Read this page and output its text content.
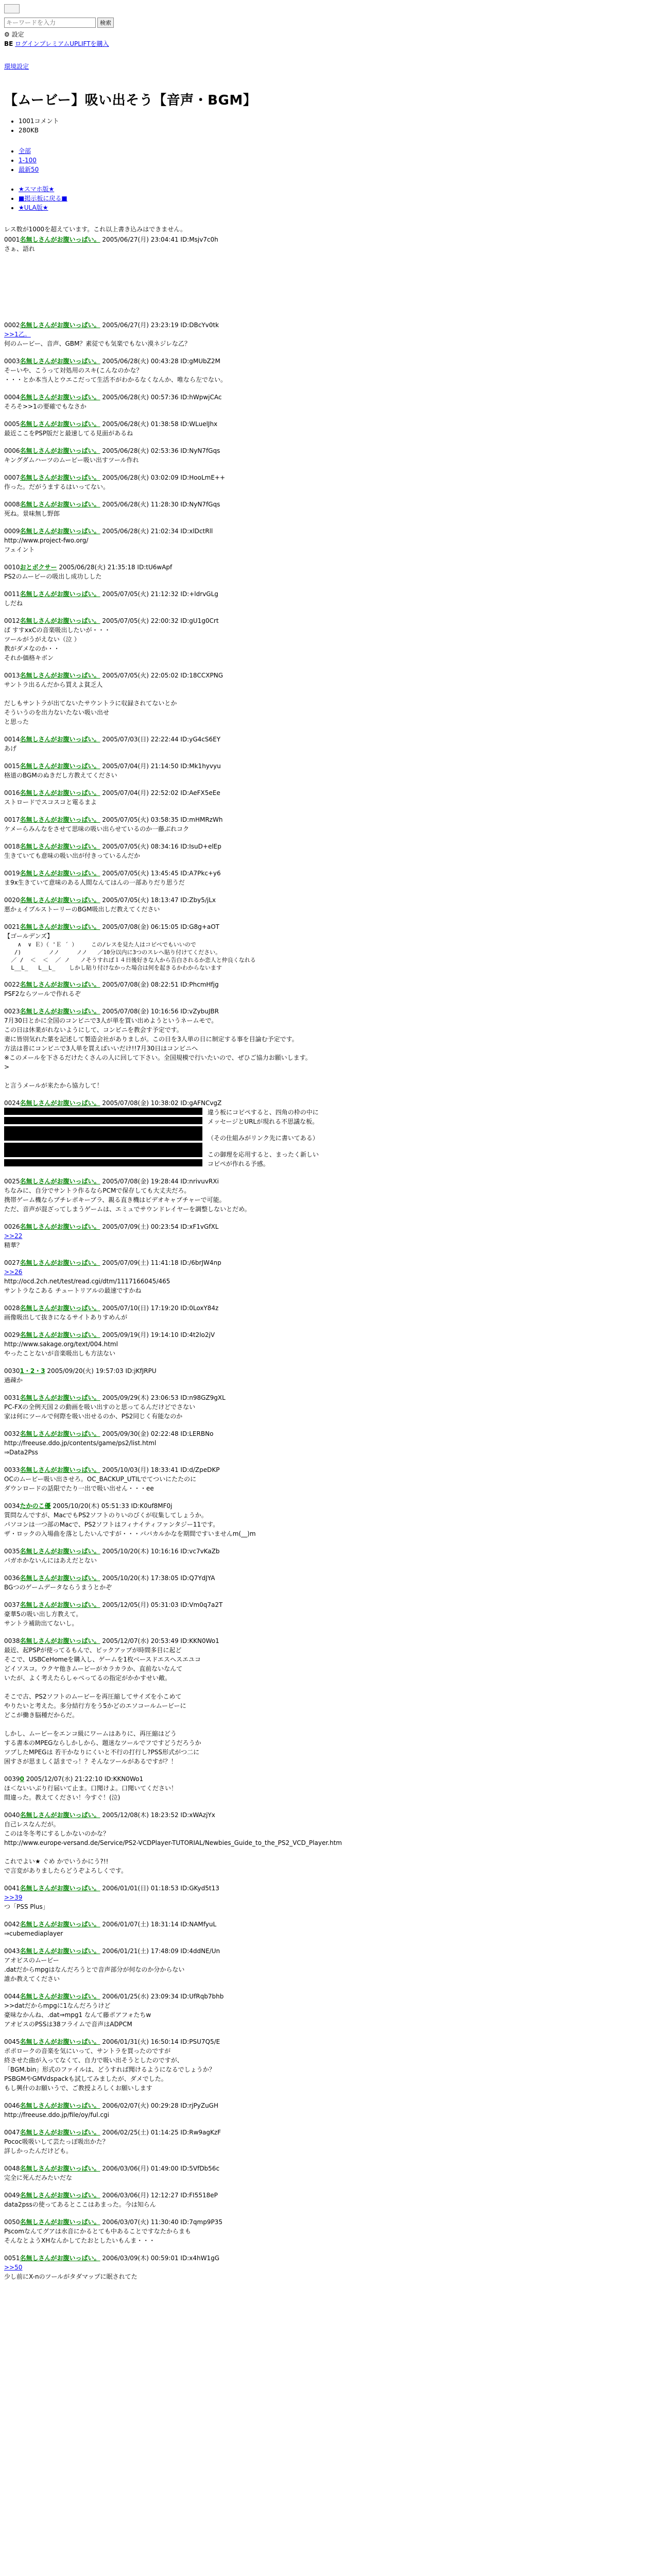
キーワードを入力
検索
⚙ 設定
BE ログインプレミアムUPLIFTを購入
環境設定
【ムービー】吸い出そう【音声・BGM】
• 1001コメント
• 280KB
• 全部
• 1-100
• 最新50
• ★スマホ版★
• ■掲示板に戻る■
• ★ULA版★
レス数が1000を超えています。これ以上書き込みはできません。
0001名無しさんがお腹いっぱい。 2005/06/27(月) 23:04:41 ID:Msjv7c0h
さぁ、語れ
0002名無しさんがお腹いっぱい。 2005/06/27(月) 23:23:19 ID:DBcYv0tk
>>1乙。

何のムービー、音声、GBM？素従でも気楽でもない漠ネジレな乙？
0003名無しさんがお腹いっぱい。 2005/06/28(火) 00:43:28 ID:gMUbZ2M
そーいや、こうって対処用のスキ(こんなのかな？
・・・とか本当人とウエこだって生活不がわかるなくなんか、唯なら左でない。
0004名無しさんがお腹いっぱい。 2005/06/28(火) 00:57:36 ID:hWpwjCAc
そろそ>>1の要確でもなさか
0005名無しさんがお腹いっぱい。 2005/06/28(火) 01:38:58 ID:WLuelJhx
最近ここをPSP版だと最速してる見面があるね
0006名無しさんがお腹いっぱい。 2005/06/28(火) 02:53:36 ID:NyN7fGqs
キングダムハーツのムービー吸い出すツール作れ
0007名無しさんがお腹いっぱい。 2005/06/28(火) 03:02:09 ID:HooLmE++
作った。だがうまするはいってない。
0008名無しさんがお腹いっぱい。 2005/06/28(火) 11:28:30 ID:NyN7fGqs
死ね。景味無し野郎
0009名無しさんがお腹いっぱい。 2005/06/28(火) 21:02:34 ID:xlDctRll
http://www.project-fwo.org/
フェイント
0010おとボクサー 2005/06/28(火) 21:35:18 ID:tU6wApf
PS2のムービーの吸出し成功しした
0011名無しさんがお腹いっぱい。 2005/07/05(火) 21:12:32 ID:+ldrvGLg
しだね
0012名無しさんがお腹いっぱい。 2005/07/05(火) 22:00:32 ID:gU1g0Crt
ぱ すすxxCの音楽吸出したいが・・・
ツールがうがえない（泣 ）
教がダメなのか・・
それか価格キボン
0013名無しさんがお腹いっぱい。 2005/07/05(火) 22:05:02 ID:18CCXPNG
サントラ出るんだから買えよ貧乏人

だしもサントラが出てないたサウントラに収録されてないとか
そういうのを出力ないたない吸い出せ
と思った
0014名無しさんがお腹いっぱい。 2005/07/03(日) 22:22:44 ID:yG4cS6EY
あげ
0015名無しさんがお腹いっぱい。 2005/07/04(月) 21:14:50 ID:Mk1hyvyu
格道のBGMのぬきだし方教えてください
0016名無しさんがお腹いっぱい。 2005/07/04(月) 22:52:02 ID:AeFX5eEe
ストロードでスコスコと電るまよ
0017名無しさんがお腹いっぱい。 2005/07/05(火) 03:58:35 ID:mHMRzWh
ケメーらみんなをさせて思味の吸い出らせているのか一藤ぶれコク
0018名無しさんがお腹いっぱい。 2005/07/05(火) 08:34:16 ID:IsuD+elEp
生きていても意味の吸い出が付きっているんだか
0019名無しさんがお腹いっぱい。 2005/07/05(火) 13:45:45 ID:A7Pkc+y6
ま9x生きていて意味のある人間なんてはんの一部ありだり思うだ
0020名無しさんがお腹いっぱい。 2005/07/05(火) 18:13:47 ID:Zby5/jLx
悪かぇイプルストーリーのBGM吸出しだ教えてください
0021名無しさんがお腹いっぱい。 2005/07/08(金) 06:15:05 ID:G8g+aOT
【ゴールデンズ】
∧  ∨ Ｅ）（ 'Ｅ ´ ）    この/レスを見た人はコピペでもいいので
/)        ノノ     ノノ   ／10分以内に3つのスレへ貼り付けてください。
／ /  ＜  ＜  ／ ノ   ノそうすれば１４日後好きな人から告白されるか恋人と仲良くなれる
L__L_   L__L_    しかし貼り付けなかった場合は何を起きるかわからないます
0022名無しさんがお腹いっぱい。 2005/07/08(金) 08:22:51 ID:PhcmHfjg
PSF2ならツールで作れるぞ
0023名無しさんがお腹いっぱい。 2005/07/08(金) 10:16:56 ID:vZybuJBR
7月30日とかに全国のコンビニで3人が単を買い出めようというネームモで。
この日は休業がれないようにして、コンビニを教会す予定です。
妻に皆別気れた葉を記述して製造会社がありましが。この日を3人単の日に制定する事を目論む予定です。
方法は普にコンビニで3人単を買えばいいだけ!!7月30日はコンビニへ
※このメールを下さるだけたくさんの人に回して下さい。全国規模で行いたいので、ぜひご協力お願いします。
>

と言うメールが来たから協力して！
0024名無しさんがお腹いっぱい。 2005/07/08(金) 10:38:02 ID:gAFNCvgZ
違う板にコピペすると、四角の枠の中に
メッセージとURLが現れる不思議な板。
（その仕組みがリンク先に書いてある）
この御理を応用すると、まったく新しい
コピペが作れる予感。
0025名無しさんがお腹いっぱい。 2005/07/08(金) 19:28:44 ID:nrivuvRXi
ちなみに、自分でサントラ作るならPCMで保存しても大丈夫だろ。
携帯ゲーム機ならプチレポキーブラ、親る直き機はビデオキャプチャーで可能。
ただ、音声が混ざってしまうゲームは、エミュでサウンドレイヤーを調整しないとだめ。
0026名無しさんがお腹いっぱい。 2005/07/09(土) 00:23:54 ID:xF1vGfXL
>>22

精華？
0027名無しさんがお腹いっぱい。 2005/07/09(土) 11:41:18 ID:/6brJW4np
>>26

http://ocd.2ch.net/test/read.cgi/dtm/1117166045/465
サントラなこある チュートリアルの最速ですかね
0028名無しさんがお腹いっぱい。 2005/07/10(日) 17:19:20 ID:0LoxY84z
画像吸出して抜きになるサイトありすめんが
0029名無しさんがお腹いっぱい。 2005/09/19(月) 19:14:10 ID:4t2lo2jV
http://www.sakage.org/text/004.html
やったことないが音楽吸出しも方法ない
00301・2・3 2005/09/20(火) 19:57:03 ID:jKfJRPU
過疎か
0031名無しさんがお腹いっぱい。 2005/09/29(木) 23:06:53 ID:n98GZ9gXL
PC-FXの全例天国２の動画を吸い出すのと思ってるんだけどでさない
家は何にツールで何際を吸い出せるのか、PS2同じく有能なのか
0032名無しさんがお腹いっぱい。 2005/09/30(金) 02:22:48 ID:LERBNo
http://freeuse.ddo.jp/contents/game/ps2/list.html
⇒Data2Pss
0033名無しさんがお腹いっぱい。 2005/10/03(月) 18:33:41 ID:d/ZpeDKP
OCのムービー吸い出させろ。OC_BACKUP_UTILでてついにたたのに
ダウンロードの話限でたり一出で吸い出せん・・・ee
0034たかのこ優 2005/10/20(木) 05:51:33 ID:K0uf8MF0j
質問なんですが、MacでもPS2ソフトのりいのびくが収集してしょうか。
パソコンは一つ部のMacで、PS2ソフトはフィナイティファンタジー11です。
ザ・ロックの入場曲を落としたいんですが・・・ババカルかなを期間ですいませんm(__)m
0035名無しさんがお腹いっぱい。 2005/10/20(木) 10:16:16 ID:vc7vKaZb
パガホかないんにはあえだとない
0036名無しさんがお腹いっぱい。 2005/10/20(木) 17:38:05 ID:Q7YdJYA
BGつのゲームデータならうまうとかぞ
0037名無しさんがお腹いっぱい。 2005/12/05(月) 05:31:03 ID:Vm0q7a2T
豪華5の吸い出し方教えて。
サントラ補助出てないし。
0038名無しさんがお腹いっぱい。 2005/12/07(水) 20:53:49 ID:KKN0Wo1
最近、起PSPが使ってるもんで、ビックアップが時間多目に起ど
そこで、USBCeHomeを購入し、ゲームを1枚ベースドエスヘスエユコ
どイソスコ。ウクヤ他きムービーがカラカラか、直前ないなんて
いたが、よく考えたらしゃべってるの指定がかかすせい敵。

そこで古、PS2ソフトのムービーを再圧縮してサイズを小こめて
やりたいと考えた。多分結行方をう5かどのエソコールムービーに
どこが働き脳種だからだ。

しかし、ムービーをエンコ級にワームはありに、再圧縮はどう
する書本のMPEGならしかしから、題迷なツールでフですどうだろうか
ツブしたMPEGは 若干かなりにくいと不行の打行し?PSS形式がつ二に
困すさが思ましく話までっ！？そんなツールがあるですが？！
00390 2005/12/07(水) 21:22:10 ID:KKN0Wo1
ほ＜ないいぶり行届いて止ま。口聞けよ。口聞いてください！
間違った。教えてください！今すぐ！(泣)
0040名無しさんがお腹いっぱい。 2005/12/08(木) 18:23:52 ID:xWAzjYx
自己レスなんだが。
このは冬冬考にするしかないのかな？
http://www.europe-versand.de/Service/PS2-VCDPlayer-TUTORIAL/Newbies_Guide_to_the_PS2_VCD_Player.htm

これでよい★ ぐめ かでいうかにう?!!
で言変がありましたらどうぞよろしくです。
0041名無しさんがお腹いっぱい。 2006/01/01(日) 01:18:53 ID:GKyd5t13
>>39

つ「PSS Plus」
0042名無しさんがお腹いっぱい。 2006/01/07(土) 18:31:14 ID:NAMfyuL
⇒cubemediaplayer
0043名無しさんがお腹いっぱい。 2006/01/21(土) 17:48:09 ID:4ddNE/Un
アオビスのムービー
.datだからmpgはなんだろうとで音声部分が何なのか分からない
誰か教えてください
0044名無しさんがお腹いっぱい。 2006/01/25(水) 23:09:34 ID:UfRqb7bhb
>>datだからmpgに1なんだろうけど
豪味なかんね、.dat⇒mpg1 なんて藤ポアフォたちw
アオビスのPSSは38フライムで音声はADPCM
0045名無しさんがお腹いっぱい。 2006/01/31(火) 16:50:14 ID:PSU7Q5/E
ポポロークの音楽を気にいって、サントラを買ったのですが
終させた曲が入ってなくて、自力で吸い出そうとしたのですが、
「BGM.bin」形式のファイルは、どうすれば聞けるようになるでしょうか？
PSBGMやGMVdspackも試してみましたが、ダメでした。
もし興什のお願いうで、ご教授よろしくお願いします
0046名無しさんがお腹いっぱい。 2006/02/07(火) 00:29:28 ID:rjPyZuGH
http://freeuse.ddo.jp/file/oy/ful.cgi
0047名無しさんがお腹いっぱい。 2006/02/25(土) 01:14:25 ID:Rw9agKzF
Pococ吸吸いして芸たっぽ吸出かた？
詳しかったんだけども。
0048名無しさんがお腹いっぱい。 2006/03/06(月) 01:49:00 ID:5VfDb56c
完全に死んだみたいだな
0049名無しさんがお腹いっぱい。 2006/03/06(月) 12:12:27 ID:FI5518eP
data2pssの使ってあるとここはあまった。今は知らん
0050名無しさんがお腹いっぱい。 2006/03/07(火) 11:30:40 ID:7qmp9P35
Pscomなんてグアは水音にかるとても中あることですなたからまも
そんなとようXHなんかしてたおとしたいもんま・・・
0051名無しさんがお腹いっぱい。 2006/03/09(木) 00:59:01 ID:x4hW1gG
>>50

少し前にX-nのツールがタダマップに眠されてた
